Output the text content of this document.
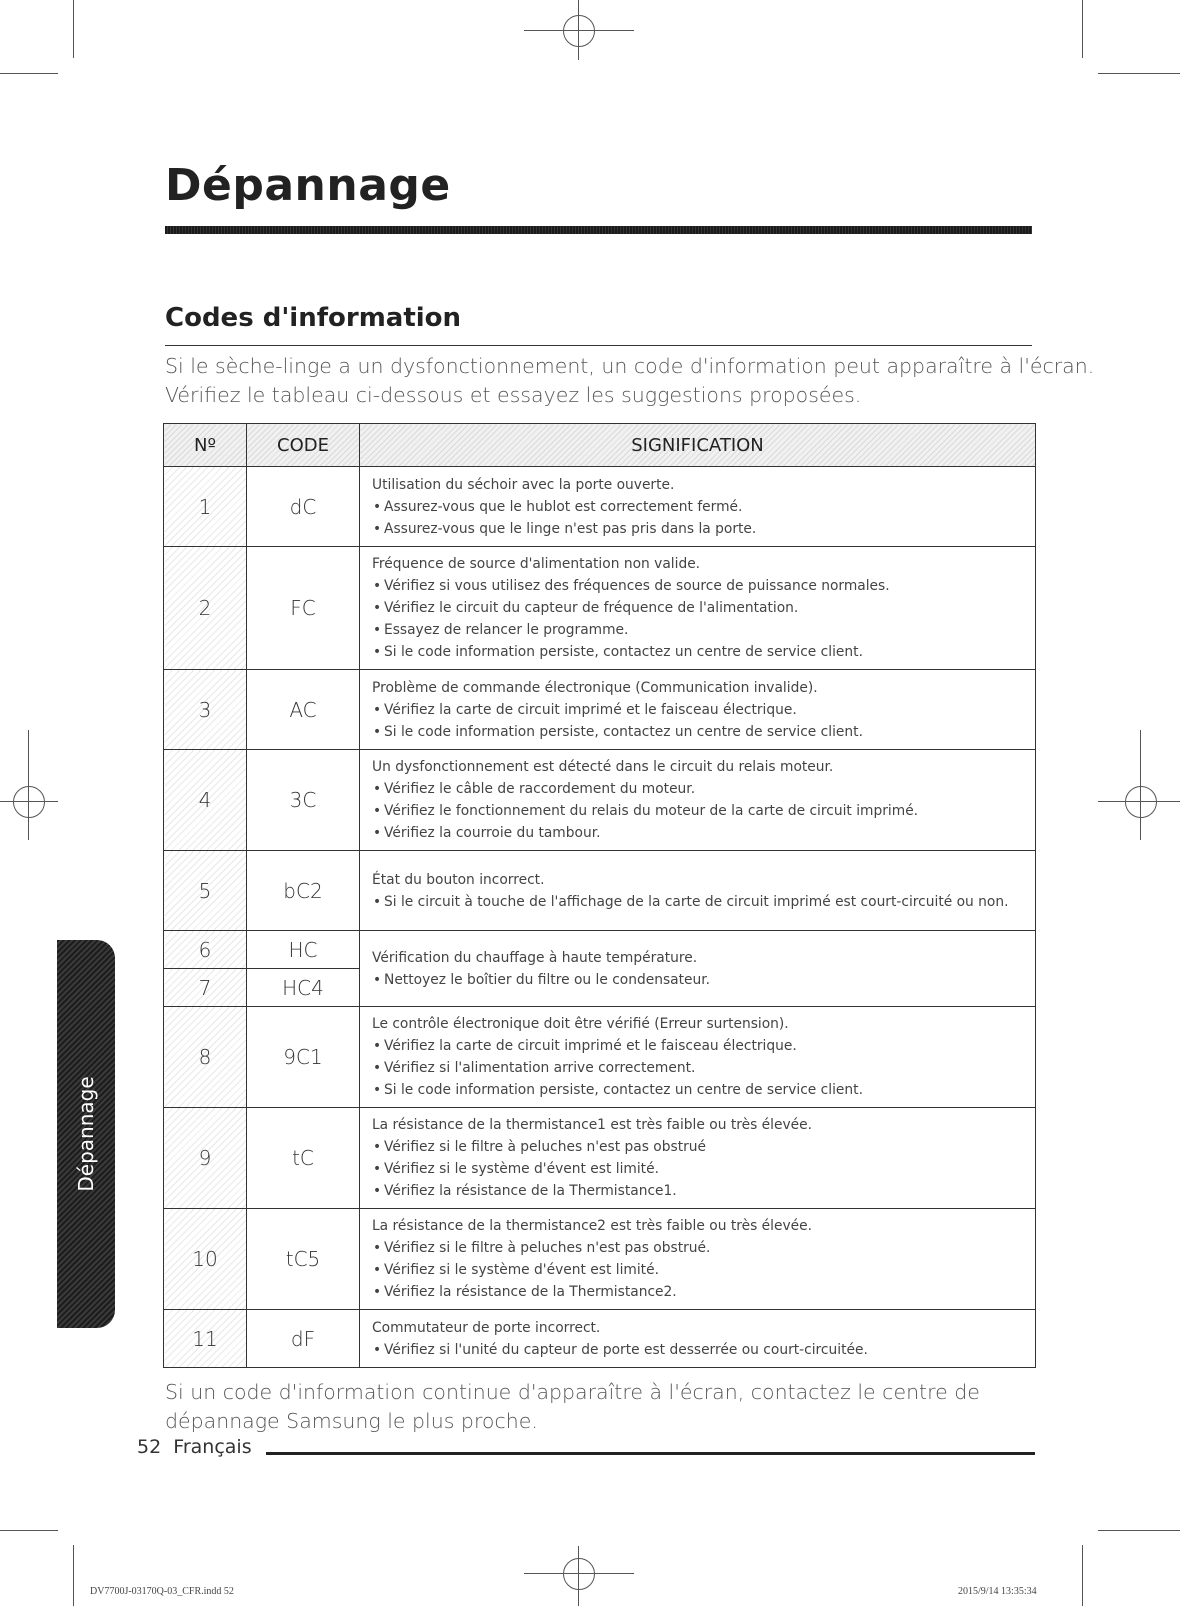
Dépannage
Codes d'information

Si le sèche-linge a un dysfonctionnement, un code d'information peut apparaître à l'écran.
Vérifiez le tableau ci-dessous et essayez les suggestions proposées.

Nº	CODE	SIGNIFICATION
1	dC	Utilisation du séchoir avec la porte ouverte.
• Assurez-vous que le hublot est correctement fermé.
• Assurez-vous que le linge n'est pas pris dans la porte.

2	FC	Fréquence de source d'alimentation non valide.
• Vérifiez si vous utilisez des fréquences de source de puissance normales.
• Vérifiez le circuit du capteur de fréquence de l'alimentation.
• Essayez de relancer le programme.
• Si le code information persiste, contactez un centre de service client.

3	AC	Problème de commande électronique (Communication invalide).
• Vérifiez la carte de circuit imprimé et le faisceau électrique.
• Si le code information persiste, contactez un centre de service client.

4	3C	Un dysfonctionnement est détecté dans le circuit du relais moteur.
• Vérifiez le câble de raccordement du moteur.
• Vérifiez le fonctionnement du relais du moteur de la carte de circuit imprimé.
• Vérifiez la courroie du tambour.

5	bC2	État du bouton incorrect.
• Si le circuit à touche de l'affichage de la carte de circuit imprimé est court-circuité ou non.

6	HC	Vérification du chauffage à haute température.
• Nettoyez le boîtier du filtre ou le condensateur.

7	HC4	
8	9C1	Le contrôle électronique doit être vérifié (Erreur surtension).
• Vérifiez la carte de circuit imprimé et le faisceau électrique.
• Vérifiez si l'alimentation arrive correctement.
• Si le code information persiste, contactez un centre de service client.

9	tC	La résistance de la thermistance1 est très faible ou très élevée.
• Vérifiez si le filtre à peluches n'est pas obstrué
• Vérifiez si le système d'évent est limité.
• Vérifiez la résistance de la Thermistance1.

10	tC5	La résistance de la thermistance2 est très faible ou très élevée.
• Vérifiez si le filtre à peluches n'est pas obstrué.
• Vérifiez si le système d'évent est limité.
• Vérifiez la résistance de la Thermistance2.

11	dF	Commutateur de porte incorrect.
• Vérifiez si l'unité du capteur de porte est desserrée ou court-circuitée.

Si un code d'information continue d'apparaître à l'écran, contactez le centre de dépannage Samsung le plus proche.

52 Français
Dépannage
DV7700J-03170Q-03_CFR.indd 52	2015/9/14 13:35:34
